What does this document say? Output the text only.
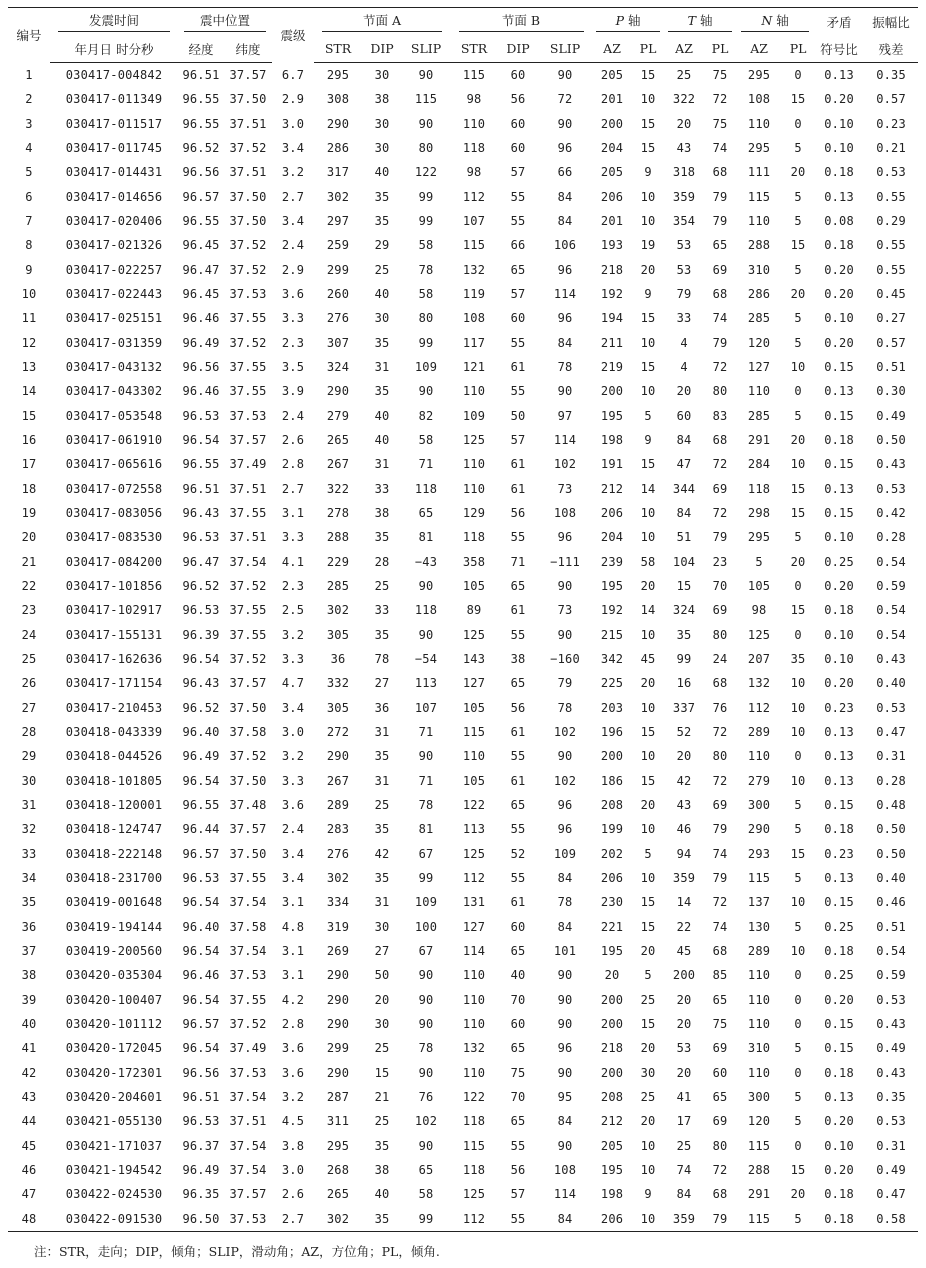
编号	发震时间	震中位置		震级	节面 A			节面 B			P 轴		T 轴		N 轴		矛盾	振幅比
	年月日 时分秒	经度	纬度		STR	DIP	SLIP	STR	DIP	SLIP	AZ	PL	AZ	PL	AZ	PL	符号比	残差
1	030417-004842	96.51	37.57	6.7	295	30	90	115	60	90	205	15	25	75	295	0	0.13	0.35
2	030417-011349	96.55	37.50	2.9	308	38	115	98	56	72	201	10	322	72	108	15	0.20	0.57
3	030417-011517	96.55	37.51	3.0	290	30	90	110	60	90	200	15	20	75	110	0	0.10	0.23
4	030417-011745	96.52	37.52	3.4	286	30	80	118	60	96	204	15	43	74	295	5	0.10	0.21
5	030417-014431	96.56	37.51	3.2	317	40	122	98	57	66	205	9	318	68	111	20	0.18	0.53
6	030417-014656	96.57	37.50	2.7	302	35	99	112	55	84	206	10	359	79	115	5	0.13	0.55
7	030417-020406	96.55	37.50	3.4	297	35	99	107	55	84	201	10	354	79	110	5	0.08	0.29
8	030417-021326	96.45	37.52	2.4	259	29	58	115	66	106	193	19	53	65	288	15	0.18	0.55
9	030417-022257	96.47	37.52	2.9	299	25	78	132	65	96	218	20	53	69	310	5	0.20	0.55
10	030417-022443	96.45	37.53	3.6	260	40	58	119	57	114	192	9	79	68	286	20	0.20	0.45
11	030417-025151	96.46	37.55	3.3	276	30	80	108	60	96	194	15	33	74	285	5	0.10	0.27
12	030417-031359	96.49	37.52	2.3	307	35	99	117	55	84	211	10	4	79	120	5	0.20	0.57
13	030417-043132	96.56	37.55	3.5	324	31	109	121	61	78	219	15	4	72	127	10	0.15	0.51
14	030417-043302	96.46	37.55	3.9	290	35	90	110	55	90	200	10	20	80	110	0	0.13	0.30
15	030417-053548	96.53	37.53	2.4	279	40	82	109	50	97	195	5	60	83	285	5	0.15	0.49
16	030417-061910	96.54	37.57	2.6	265	40	58	125	57	114	198	9	84	68	291	20	0.18	0.50
17	030417-065616	96.55	37.49	2.8	267	31	71	110	61	102	191	15	47	72	284	10	0.15	0.43
18	030417-072558	96.51	37.51	2.7	322	33	118	110	61	73	212	14	344	69	118	15	0.13	0.53
19	030417-083056	96.43	37.55	3.1	278	38	65	129	56	108	206	10	84	72	298	15	0.15	0.42
20	030417-083530	96.53	37.51	3.3	288	35	81	118	55	96	204	10	51	79	295	5	0.10	0.28
21	030417-084200	96.47	37.54	4.1	229	28	−43	358	71	−111	239	58	104	23	5	20	0.25	0.54
22	030417-101856	96.52	37.52	2.3	285	25	90	105	65	90	195	20	15	70	105	0	0.20	0.59
23	030417-102917	96.53	37.55	2.5	302	33	118	89	61	73	192	14	324	69	98	15	0.18	0.54
24	030417-155131	96.39	37.55	3.2	305	35	90	125	55	90	215	10	35	80	125	0	0.10	0.54
25	030417-162636	96.54	37.52	3.3	36	78	−54	143	38	−160	342	45	99	24	207	35	0.10	0.43
26	030417-171154	96.43	37.57	4.7	332	27	113	127	65	79	225	20	16	68	132	10	0.20	0.40
27	030417-210453	96.52	37.50	3.4	305	36	107	105	56	78	203	10	337	76	112	10	0.23	0.53
28	030418-043339	96.40	37.58	3.0	272	31	71	115	61	102	196	15	52	72	289	10	0.13	0.47
29	030418-044526	96.49	37.52	3.2	290	35	90	110	55	90	200	10	20	80	110	0	0.13	0.31
30	030418-101805	96.54	37.50	3.3	267	31	71	105	61	102	186	15	42	72	279	10	0.13	0.28
31	030418-120001	96.55	37.48	3.6	289	25	78	122	65	96	208	20	43	69	300	5	0.15	0.48
32	030418-124747	96.44	37.57	2.4	283	35	81	113	55	96	199	10	46	79	290	5	0.18	0.50
33	030418-222148	96.57	37.50	3.4	276	42	67	125	52	109	202	5	94	74	293	15	0.23	0.50
34	030418-231700	96.53	37.55	3.4	302	35	99	112	55	84	206	10	359	79	115	5	0.13	0.40
35	030419-001648	96.54	37.54	3.1	334	31	109	131	61	78	230	15	14	72	137	10	0.15	0.46
36	030419-194144	96.40	37.58	4.8	319	30	100	127	60	84	221	15	22	74	130	5	0.25	0.51
37	030419-200560	96.54	37.54	3.1	269	27	67	114	65	101	195	20	45	68	289	10	0.18	0.54
38	030420-035304	96.46	37.53	3.1	290	50	90	110	40	90	20	5	200	85	110	0	0.25	0.59
39	030420-100407	96.54	37.55	4.2	290	20	90	110	70	90	200	25	20	65	110	0	0.20	0.53
40	030420-101112	96.57	37.52	2.8	290	30	90	110	60	90	200	15	20	75	110	0	0.15	0.43
41	030420-172045	96.54	37.49	3.6	299	25	78	132	65	96	218	20	53	69	310	5	0.15	0.49
42	030420-172301	96.56	37.53	3.6	290	15	90	110	75	90	200	30	20	60	110	0	0.18	0.43
43	030420-204601	96.51	37.54	3.2	287	21	76	122	70	95	208	25	41	65	300	5	0.13	0.35
44	030421-055130	96.53	37.51	4.5	311	25	102	118	65	84	212	20	17	69	120	5	0.20	0.53
45	030421-171037	96.37	37.54	3.8	295	35	90	115	55	90	205	10	25	80	115	0	0.10	0.31
46	030421-194542	96.49	37.54	3.0	268	38	65	118	56	108	195	10	74	72	288	15	0.20	0.49
47	030422-024530	96.35	37.57	2.6	265	40	58	125	57	114	198	9	84	68	291	20	0.18	0.47
48	030422-091530	96.50	37.53	2.7	302	35	99	112	55	84	206	10	359	79	115	5	0.18	0.58
注：STR，走向；DIP，倾角；SLIP，滑动角；AZ，方位角；PL，倾角.
